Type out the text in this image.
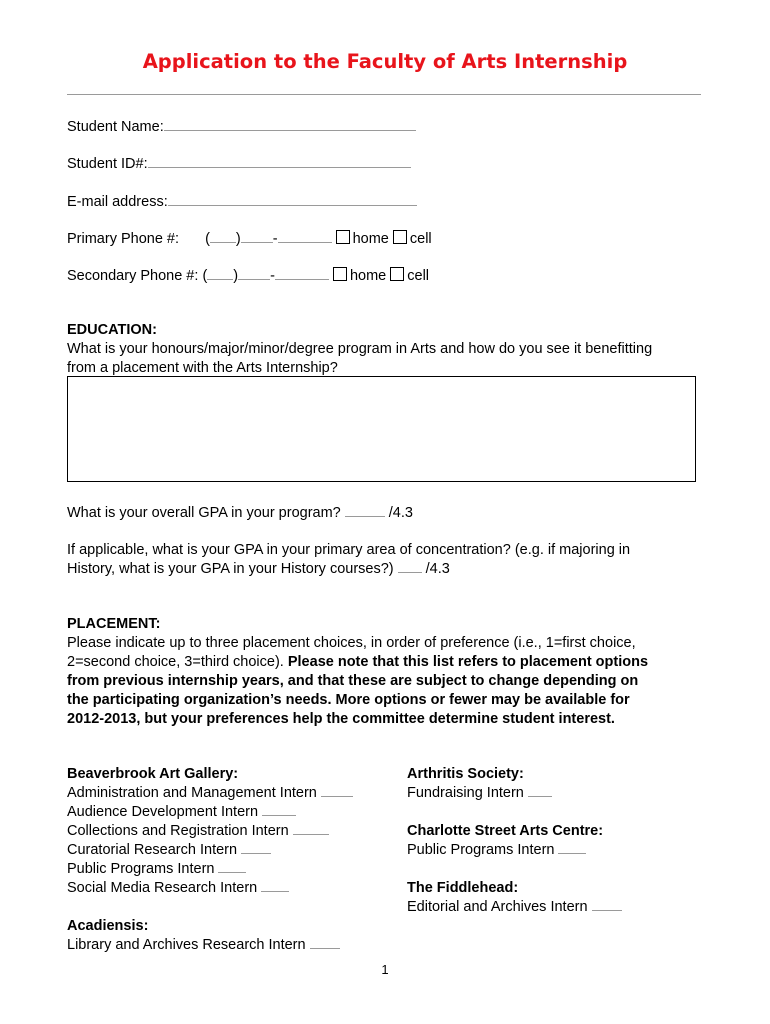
Application to the Faculty of Arts Internship
Student Name:
Student ID#:
E-mail address:
Primary Phone #: ( ) -	home cell
Secondary Phone #: ( ) -	home cell
EDUCATION:
What is your honours/major/minor/degree program in Arts and how do you see it benefitting
from a placement with the Arts Internship?
What is your overall GPA in your program?	/4.3
If applicable, what is your GPA in your primary area of concentration? (e.g. if majoring in
History, what is your GPA in your History courses?) /4.3
PLACEMENT:
Please indicate up to three placement choices, in order of preference (i.e., 1=first choice,
2=second choice, 3=third choice). Please note that this list refers to placement options
from previous internship years, and that these are subject to change depending on
the participating organization’s needs. More options or fewer may be available for
2012-2013, but your preferences help the committee determine student interest.
Beaverbrook Art Gallery:
Administration and Management Intern
Audience Development Intern
Collections and Registration Intern
Curatorial Research Intern
Public Programs Intern
Social Media Research Intern
Acadiensis:
Library and Archives Research Intern
Arthritis Society:
Fundraising Intern
Charlotte Street Arts Centre:
Public Programs Intern
The Fiddlehead:
Editorial and Archives Intern
1
